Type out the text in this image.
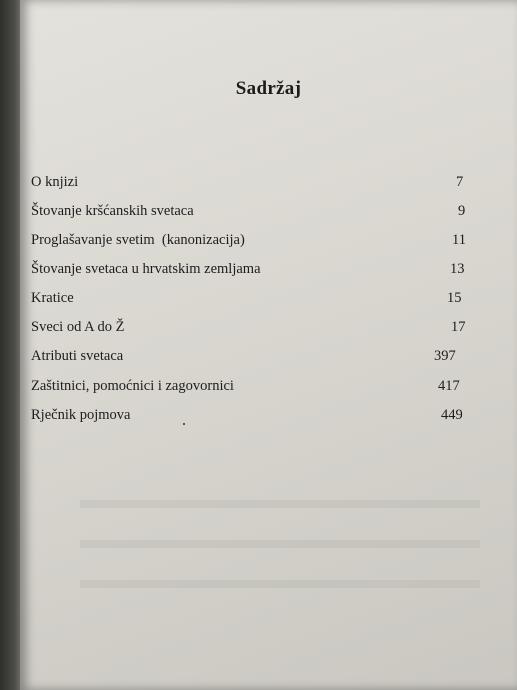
Sadržaj
O knjizi	7
Štovanje kršćanskih svetaca	9
Proglašavanje svetim  (kanonizacija)	11
Štovanje svetaca u hrvatskim zemljama	13
Kratice	15
Sveci od A do Ž	17
Atributi svetaca	397
Zaštitnici, pomoćnici i zagovornici	417
Rječnik pojmova	449
